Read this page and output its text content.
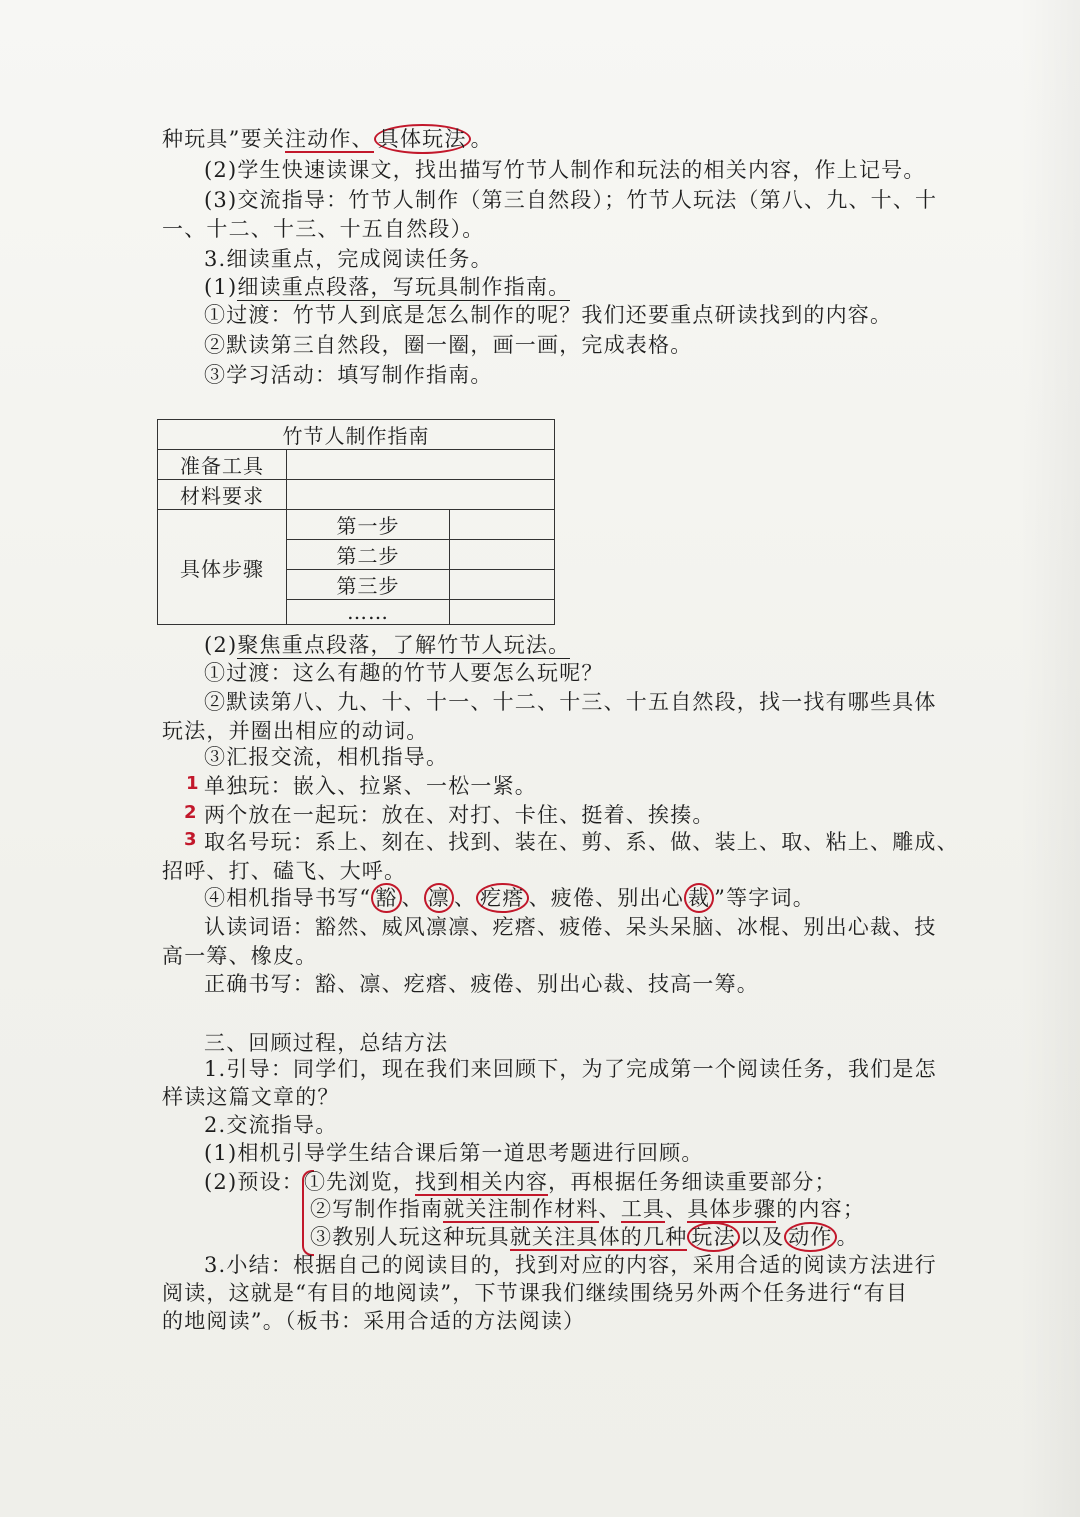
种玩具”要关注动作、 具体玩法 。
(2)学生快速读课文，找出描写竹节人制作和玩法的相关内容，作上记号。
(3)交流指导：竹节人制作（第三自然段）；竹节人玩法（第八、九、十、十
一、十二、十三、十五自然段）。
3.细读重点，完成阅读任务。
(1)细读重点段落，写玩具制作指南。
①过渡：竹节人到底是怎么制作的呢？我们还要重点研读找到的内容。
②默读第三自然段，圈一圈，画一画，完成表格。
③学习活动：填写制作指南。
竹节人制作指南		
准备工具		
材料要求		
具体步骤	第一步	
	第二步	
	第三步	
	……	
(2)聚焦重点段落，了解竹节人玩法。
①过渡：这么有趣的竹节人要怎么玩呢？
②默读第八、九、十、十一、十二、十三、十五自然段，找一找有哪些具体
玩法，并圈出相应的动词。
③汇报交流，相机指导。
1 单独玩：嵌入、拉紧、一松一紧。
2 两个放在一起玩：放在、对打、卡住、挺着、挨揍。
3 取名号玩：系上、刻在、找到、装在、剪、系、做、装上、取、粘上、雕成、
招呼、打、磕飞、大呼。
④相机指导书写“ 豁 、 凛 、 疙瘩 、疲倦、别出心 裁 ”等字词。
认读词语：豁然、威风凛凛、疙瘩、疲倦、呆头呆脑、冰棍、别出心裁、技
高一筹、橡皮。
正确书写：豁、凛、疙瘩、疲倦、别出心裁、技高一筹。
三、回顾过程，总结方法
1.引导：同学们，现在我们来回顾下，为了完成第一个阅读任务，我们是怎
样读这篇文章的？
2.交流指导。
(1)相机引导学生结合课后第一道思考题进行回顾。
(2)预设：①先浏览，找到相关内容，再根据任务细读重要部分；
②写制作指南就关注制作材料、工具、具体步骤的内容；
③教别人玩这种玩具就关注具体的几种 玩法 以及 动作 。
3.小结：根据自己的阅读目的，找到对应的内容，采用合适的阅读方法进行
阅读，这就是“有目的地阅读”，下节课我们继续围绕另外两个任务进行“有目
的地阅读”。（板书：采用合适的方法阅读）
